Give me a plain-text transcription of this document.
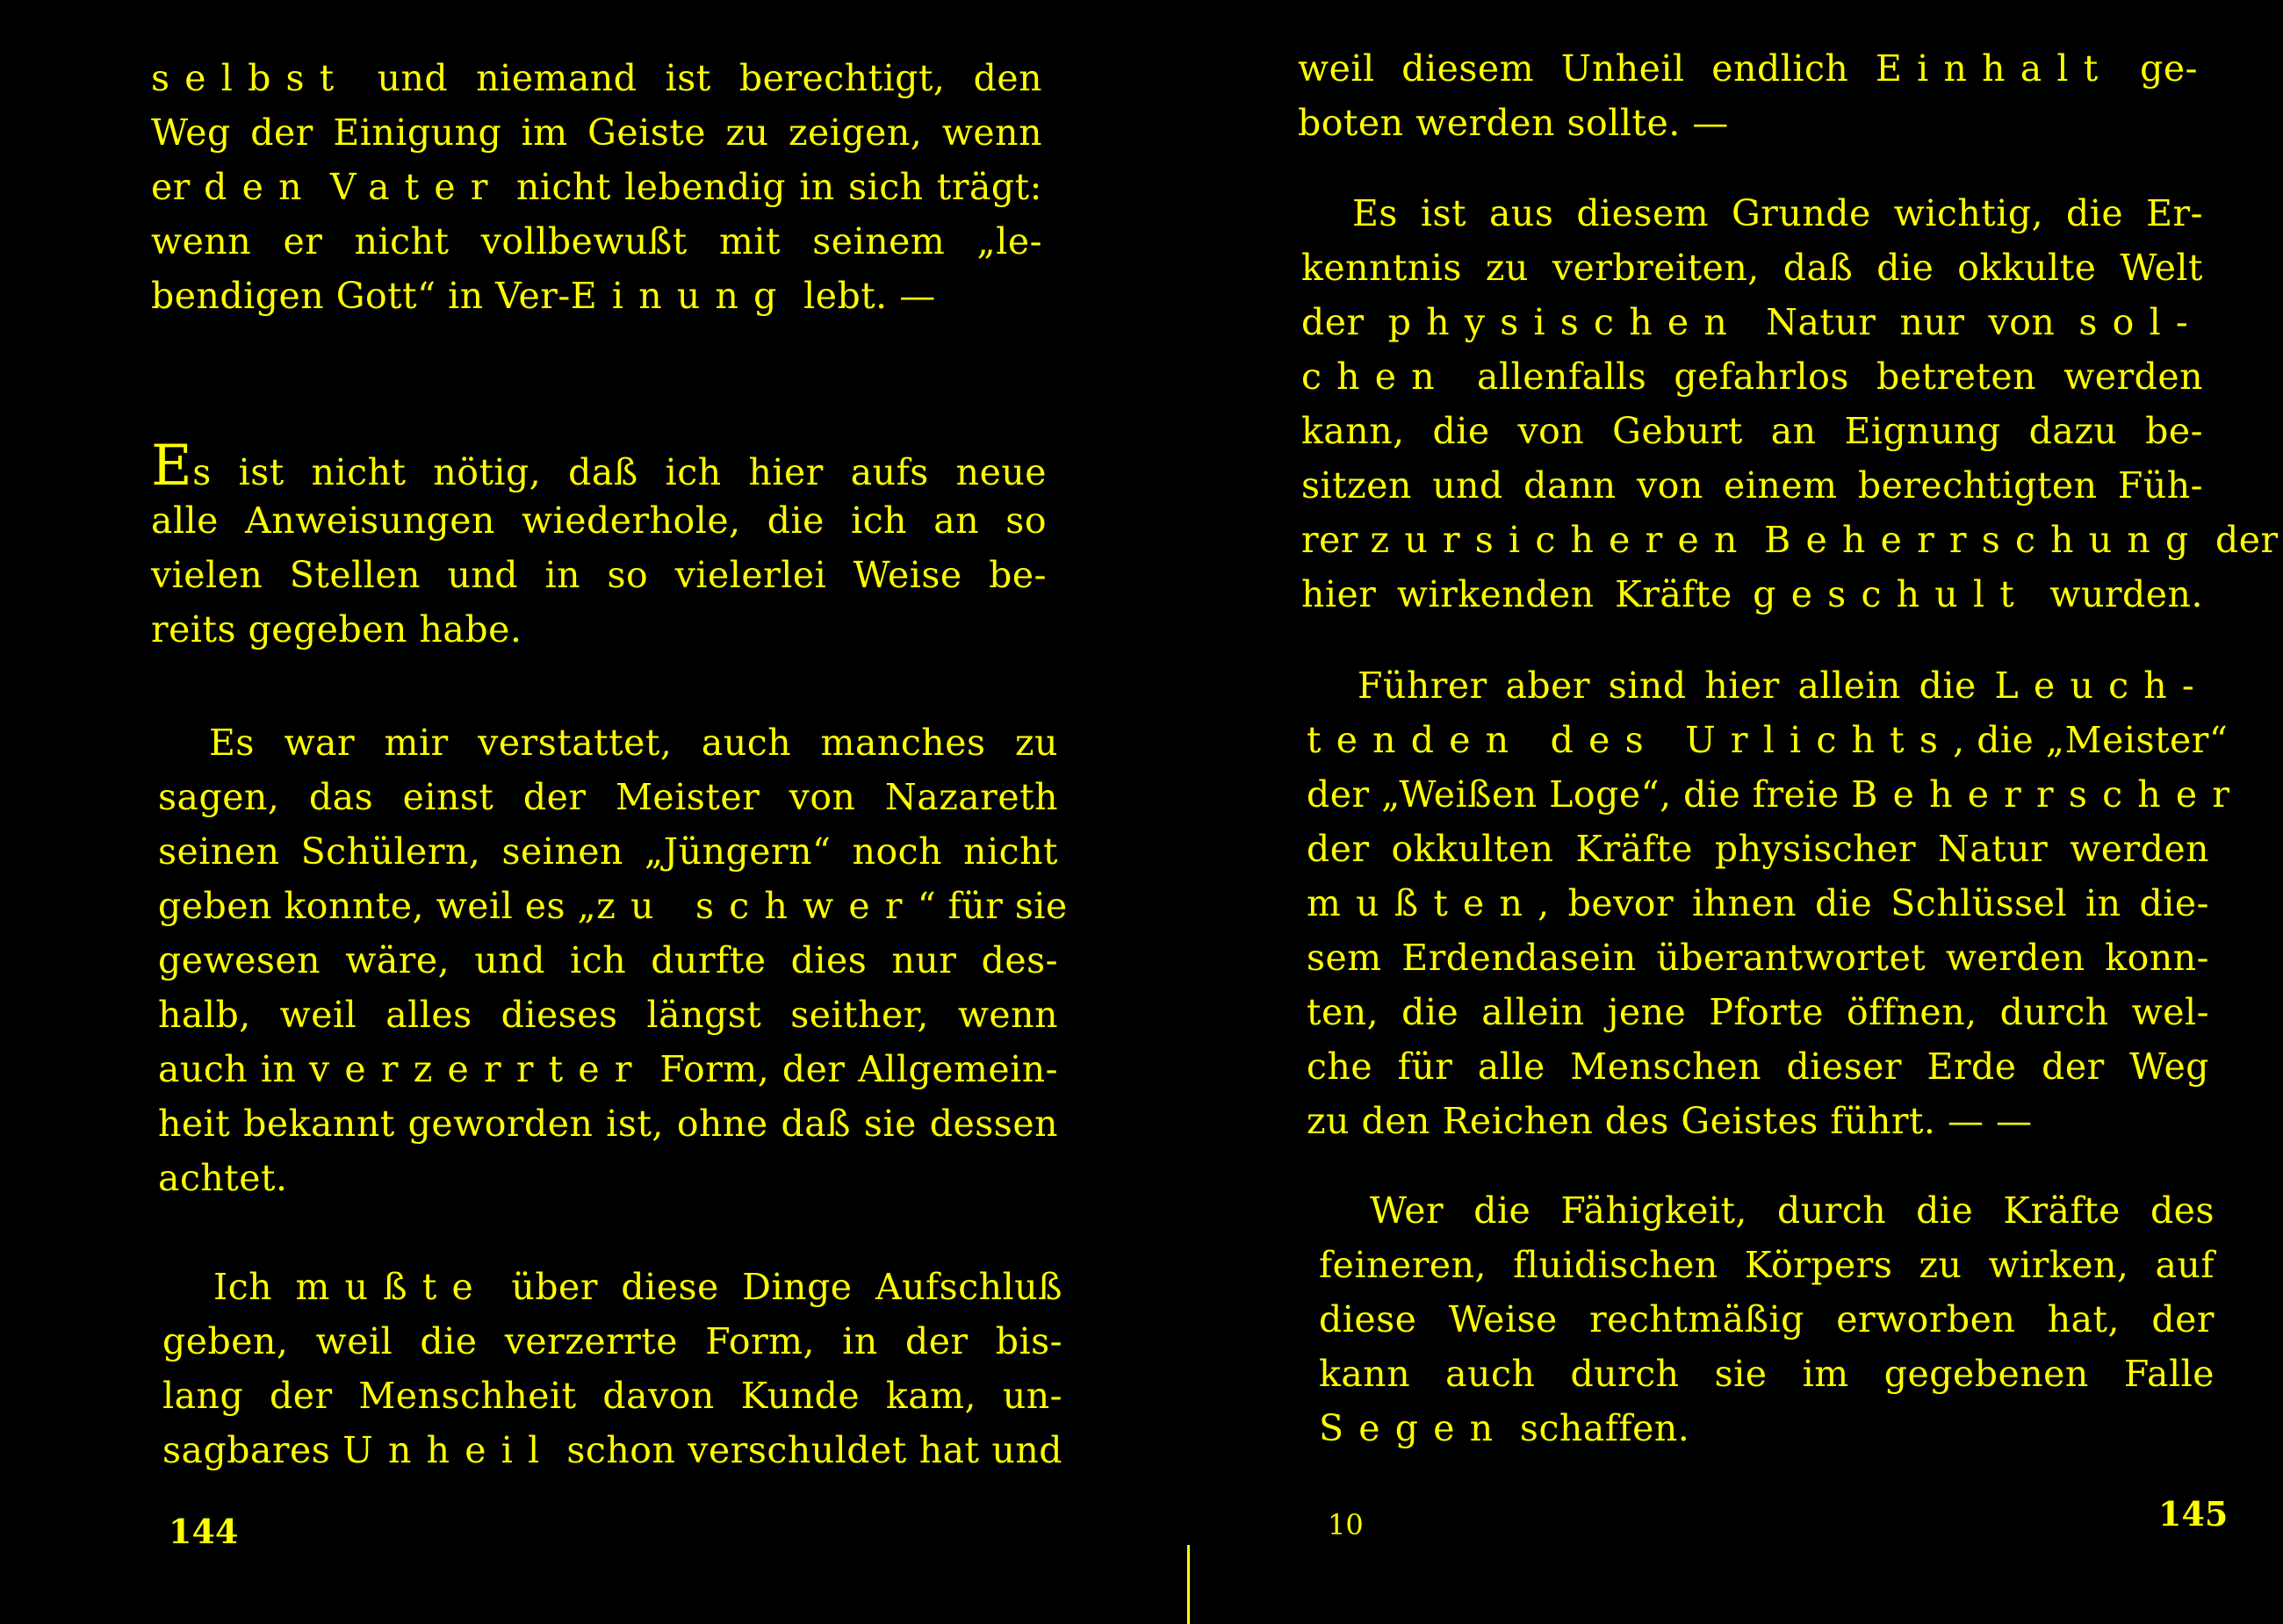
selbst und niemand ist berechtigt, den
Weg der Einigung im Geiste zu zeigen, wenn
er den Vater nicht lebendig in sich trägt:
wenn er nicht vollbewußt mit seinem „le-
bendigen Gott“ in Ver-Einung lebt. —
Es ist nicht nötig, daß ich hier aufs neue
alle Anweisungen wiederhole, die ich an so
vielen Stellen und in so vielerlei Weise be-
reits gegeben habe.
Es war mir verstattet, auch manches zu
sagen, das einst der Meister von Nazareth
seinen Schülern, seinen „Jüngern“ noch nicht
geben konnte, weil es „zu schwer“ für sie
gewesen wäre, und ich durfte dies nur des-
halb, weil alles dieses längst seither, wenn
auch in verzerrter Form, der Allgemein-
heit bekannt geworden ist, ohne daß sie dessen
achtet.
Ich mußte über diese Dinge Aufschluß
geben, weil die verzerrte Form, in der bis-
lang der Menschheit davon Kunde kam, un-
sagbares Unheil schon verschuldet hat und
144
weil diesem Unheil endlich Einhalt ge-
boten werden sollte. —
Es ist aus diesem Grunde wichtig, die Er-
kenntnis zu verbreiten, daß die okkulte Welt
der physischen Natur nur von sol-
chen allenfalls gefahrlos betreten werden
kann, die von Geburt an Eignung dazu be-
sitzen und dann von einem berechtigten Füh-
rer zursicheren Beherrschung der
hier wirkenden Kräfte geschult wurden.
Führer aber sind hier allein die Leuch-
tenden des Urlichts, die „Meister“
der „Weißen Loge“, die freie Beherrscher
der okkulten Kräfte physischer Natur werden
mußten, bevor ihnen die Schlüssel in die-
sem Erdendasein überantwortet werden konn-
ten, die allein jene Pforte öffnen, durch wel-
che für alle Menschen dieser Erde der Weg
zu den Reichen des Geistes führt. — —
Wer die Fähigkeit, durch die Kräfte des
feineren, fluidischen Körpers zu wirken, auf
diese Weise rechtmäßig erworben hat, der
kann auch durch sie im gegebenen Falle
Segen schaffen.
10	145
